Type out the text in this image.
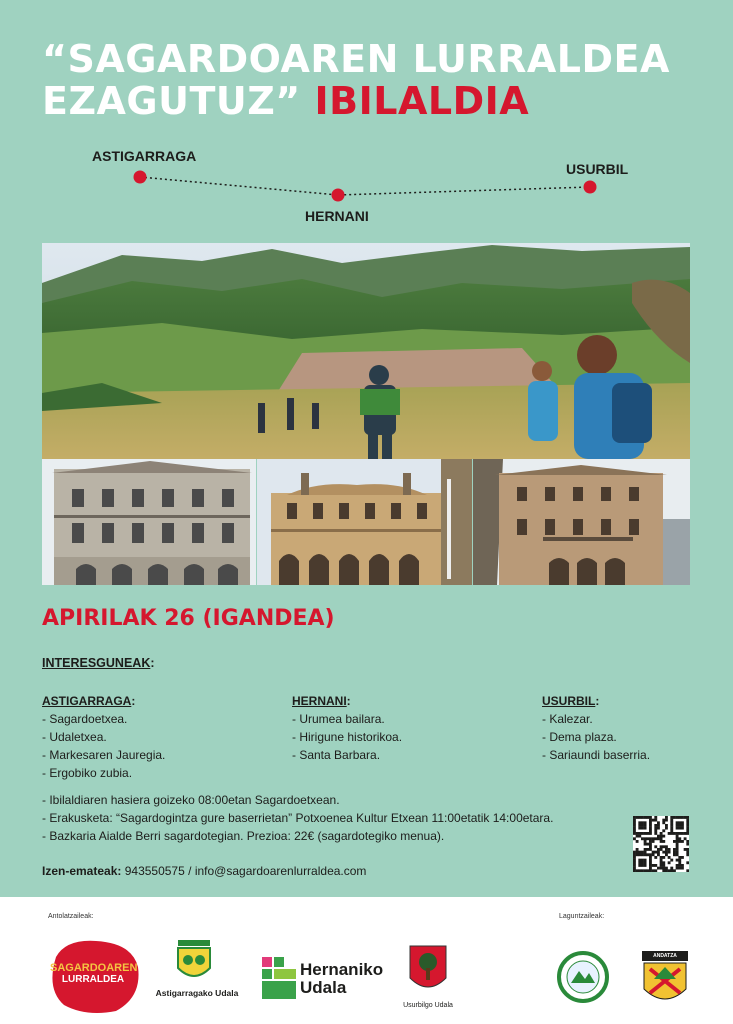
“SAGARDOAREN LURRALDEA
EZAGUTUZ” IBILALDIA
ASTIGARRAGA
HERNANI
USURBIL
APIRILAK 26 (IGANDEA)
INTERESGUNEAK:
ASTIGARRAGA:
- Sagardoetxea.
- Udaletxea.
- Markesaren Jauregia.
- Ergobiko zubia.
HERNANI:
- Urumea bailara.
- Hirigune historikoa.
- Santa Barbara.
USURBIL:
- Kalezar.
- Dema plaza.
- Sariaundi baserria.
- Ibilaldiaren hasiera goizeko 08:00etan Sagardoetxean.
- Erakusketa: “Sagardogintza gure baserrietan” Potxoenea Kultur Etxean 11:00etatik 14:00etara.
- Bazkaria Aialde Berri sagardotegian. Prezioa: 22€ (sagardotegiko menua).
Izen-emateak: 943550575 / info@sagardoarenlurraldea.com
Antolatzaileak:	Laguntzaileak:
SAGARDOAREN
LURRALDEA
Astigarragako Udala
Hernaniko
Udala
Usurbilgo Udala
ANDATZA
